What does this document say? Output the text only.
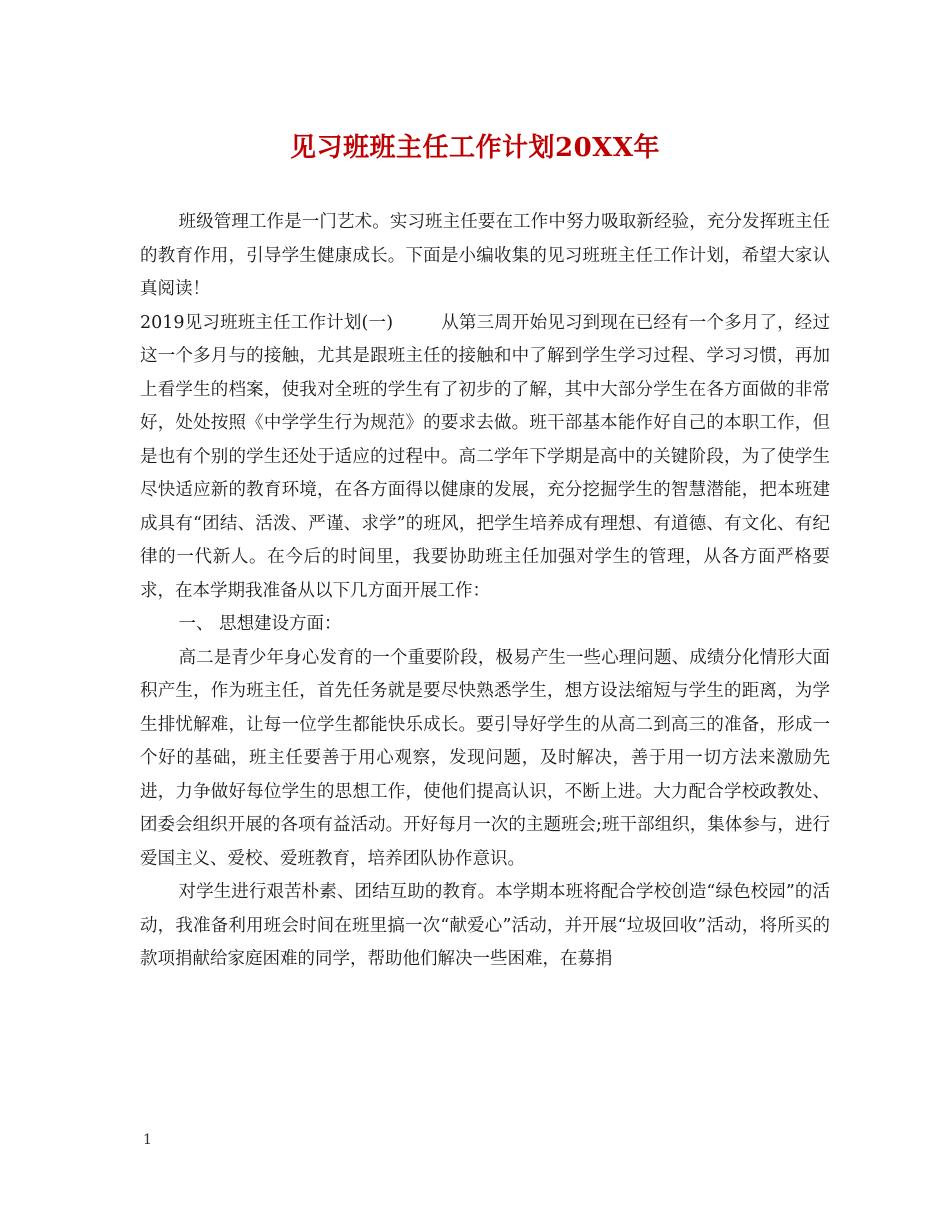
见习班班主任工作计划20XX年

班级管理工作是一门艺术。实习班主任要在工作中努力吸取新经验，充分发挥班主任的教育作用，引导学生健康成长。下面是小编收集的见习班班主任工作计划，希望大家认真阅读！

2019见习班班主任工作计划(一)	从第三周开始见习到现在已经有一个多月了，经过这一个多月与的接触，尤其是跟班主任的接触和中了解到学生学习过程、学习习惯，再加上看学生的档案，使我对全班的学生有了初步的了解，其中大部分学生在各方面做的非常好，处处按照《中学学生行为规范》的要求去做。班干部基本能作好自己的本职工作，但是也有个别的学生还处于适应的过程中。高二学年下学期是高中的关键阶段，为了使学生尽快适应新的教育环境，在各方面得以健康的发展，充分挖掘学生的智慧潜能，把本班建成具有“团结、活泼、严谨、求学”的班风，把学生培养成有理想、有道德、有文化、有纪律的一代新人。在今后的时间里，我要协助班主任加强对学生的管理，从各方面严格要求，在本学期我准备从以下几方面开展工作：

一、 思想建设方面：

高二是青少年身心发育的一个重要阶段，极易产生一些心理问题、成绩分化情形大面积产生，作为班主任，首先任务就是要尽快熟悉学生，想方设法缩短与学生的距离，为学生排忧解难，让每一位学生都能快乐成长。要引导好学生的从高二到高三的准备，形成一个好的基础，班主任要善于用心观察，发现问题，及时解决，善于用一切方法来激励先进，力争做好每位学生的思想工作，使他们提高认识，不断上进。大力配合学校政教处、团委会组织开展的各项有益活动。开好每月一次的主题班会;班干部组织，集体参与，进行爱国主义、爱校、爱班教育，培养团队协作意识。

对学生进行艰苦朴素、团结互助的教育。本学期本班将配合学校创造“绿色校园”的活动，我准备利用班会时间在班里搞一次“献爱心”活动，并开展“垃圾回收”活动，将所买的款项捐献给家庭困难的同学，帮助他们解决一些困难，在募捐

1
